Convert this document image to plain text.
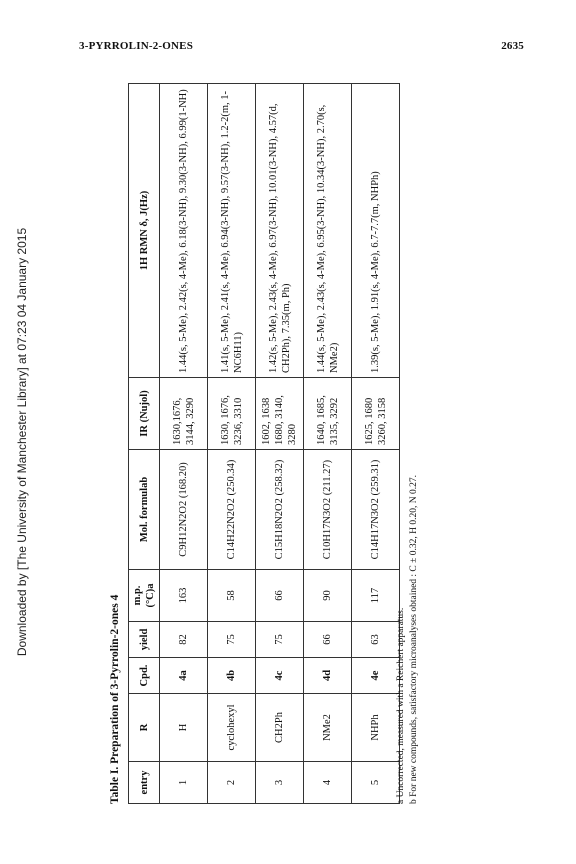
3-PYRROLIN-2-ONES	2635
Downloaded by [The University of Manchester Library] at 07:23 04 January 2015
Table I. Preparation of 3-Pyrrolin-2-ones 4 entry	R	Cpd.	yield	m.p.(°C)a	Mol. formulab	IR (Nujol)	1H RMN δ, J(Hz)
1	H	4a	82	163	C9H12N2O2 (168.20)	1630,1676, 3144, 3290	1.44(s, 5-Me), 2.42(s, 4-Me), 6.18(3-NH), 9.30(3-NH), 6.99(1-NH)
2	cyclohexyl	4b	75	58	C14H22N2O2 (250.34)	1630, 1676, 3236, 3310	1.41(s, 5-Me), 2.41(s, 4-Me), 6.94(3-NH), 9.57(3-NH), 1.2-2(m, 1-NC6H11)
3	CH2Ph	4c	75	66	C15H18N2O2 (258.32)	1602, 1638 1680, 3140, 3280	1.42(s, 5-Me), 2.43(s, 4-Me), 6.97(3-NH), 10.01(3-NH), 4.57(d, CH2Ph), 7.35(m, Ph)
4	NMe2	4d	66	90	C10H17N3O2 (211.27)	1640, 1685, 3135, 3292	1.44(s, 5-Me), 2.43(s, 4-Me), 6.95(3-NH), 10.34(3-NH), 2.70(s, NMe2)
5	NHPh	4e	63	117	C14H17N3O2 (259.31)	1625, 1680 3260, 3158	1.39(s, 5-Me), 1.91(s, 4-Me), 6.7-7.7(m, NHPh)
a Uncorrected, measured with a Reichert apparatus. b For new compounds, satisfactory microanalyses obtained : C ± 0.32, H 0.20, N 0.27.
